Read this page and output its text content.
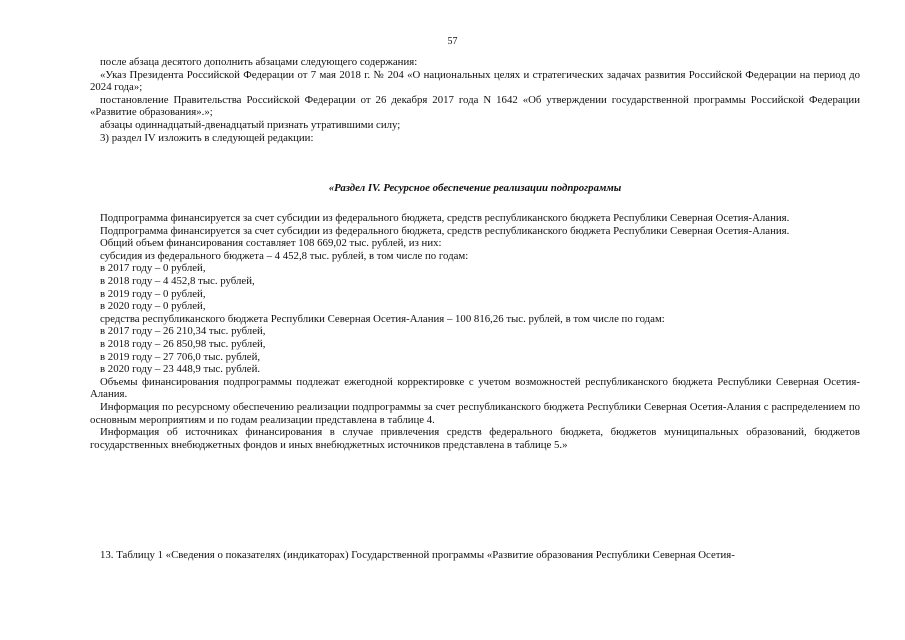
57

после абзаца десятого дополнить абзацами следующего содержания:

«Указ Президента Российской Федерации от 7 мая 2018 г. № 204 «О национальных целях и стратегических задачах развития Российской Федерации на период до 2024 года»;

постановление Правительства Российской Федерации от 26 декабря 2017 года N 1642 «Об утверждении государственной программы Российской Федерации «Развитие образования».»;

абзацы одиннадцатый-двенадцатый признать утратившими силу;

3) раздел IV изложить в следующей редакции:

«Раздел IV. Ресурсное обеспечение реализации подпрограммы

Подпрограмма финансируется за счет субсидии из федерального бюджета, средств республиканского бюджета Республики Северная Осетия-Алания.

Подпрограмма финансируется за счет субсидии из федерального бюджета, средств республиканского бюджета Республики Северная Осетия-Алания.

Общий объем финансирования составляет 108 669,02 тыс. рублей, из них:

субсидия из федерального бюджета – 4 452,8 тыс. рублей, в том числе по годам:

в 2017 году – 0 рублей,

в 2018 году – 4 452,8 тыс. рублей,

в 2019 году – 0 рублей,

в 2020 году – 0 рублей,

средства республиканского бюджета Республики Северная Осетия-Алания – 100 816,26 тыс. рублей, в том числе по годам:

в 2017 году – 26 210,34 тыс. рублей,

в 2018 году – 26 850,98 тыс. рублей,

в 2019 году – 27 706,0 тыс. рублей,

в 2020 году – 23 448,9 тыс. рублей.

Объемы финансирования подпрограммы подлежат ежегодной корректировке с учетом возможностей республиканского бюджета Республики Северная Осетия-Алания.

Информация по ресурсному обеспечению реализации подпрограммы за счет республиканского бюджета Республики Северная Осетия-Алания с распределением по основным мероприятиям и по годам реализации представлена в таблице 4.

Информация об источниках финансирования в случае привлечения средств федерального бюджета, бюджетов муниципальных образований, бюджетов государственных внебюджетных фондов и иных внебюджетных источников представлена в таблице 5.»

13. Таблицу 1 «Сведения о показателях (индикаторах) Государственной программы «Развитие образования Республики Северная Осетия-
